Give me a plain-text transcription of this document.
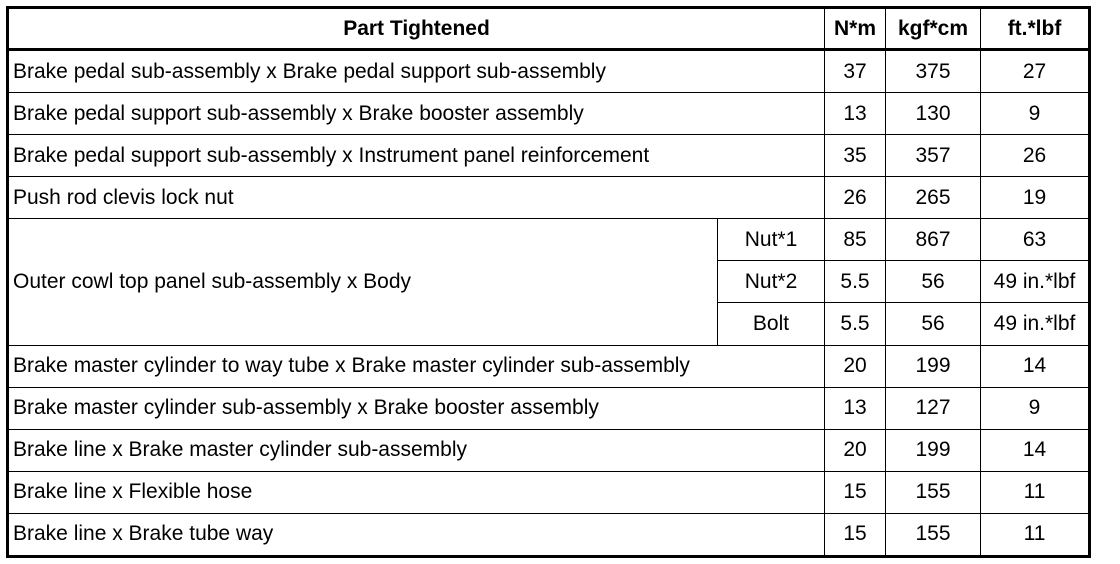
Part Tightened		N*m	kgf*cm	ft.*lbf
Brake pedal sub-assembly x Brake pedal support sub-assembly		37	375	27
Brake pedal support sub-assembly x Brake booster assembly		13	130	9
Brake pedal support sub-assembly x Instrument panel reinforcement		35	357	26
Push rod clevis lock nut		26	265	19
Outer cowl top panel sub-assembly x Body	Nut*1	85	867	63
	Nut*2	5.5	56	49 in.*lbf
	Bolt	5.5	56	49 in.*lbf
Brake master cylinder to way tube x Brake master cylinder sub-assembly		20	199	14
Brake master cylinder sub-assembly x Brake booster assembly		13	127	9
Brake line x Brake master cylinder sub-assembly		20	199	14
Brake line x Flexible hose		15	155	11
Brake line x Brake tube way		15	155	11
